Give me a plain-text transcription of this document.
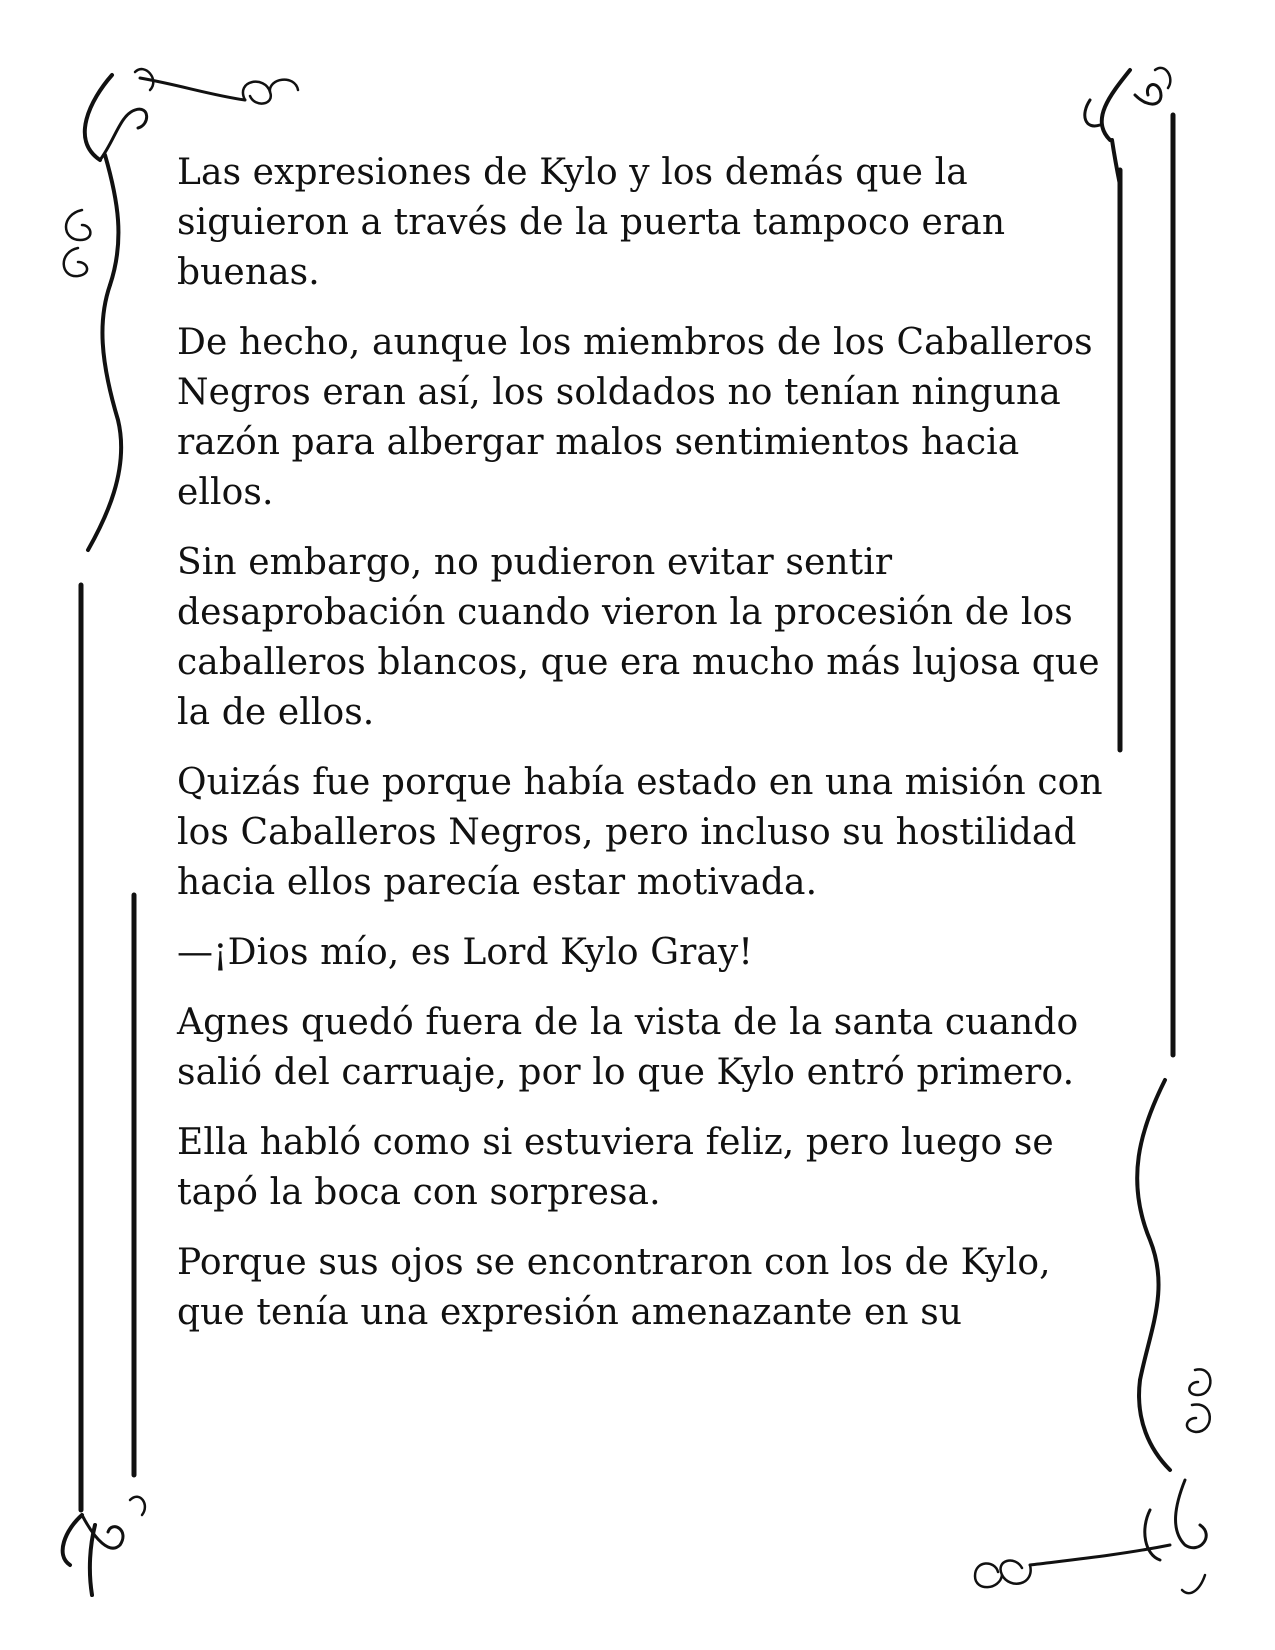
Las expresiones de Kylo y los demás que la siguieron a través de la puerta tampoco eran buenas.

De hecho, aunque los miembros de los Caballeros Negros eran así, los soldados no tenían ninguna razón para albergar malos sentimientos hacia ellos.

Sin embargo, no pudieron evitar sentir desaprobación cuando vieron la procesión de los caballeros blancos, que era mucho más lujosa que la de ellos.

Quizás fue porque había estado en una misión con los Caballeros Negros, pero incluso su hostilidad hacia ellos parecía estar motivada.

—¡Dios mío, es Lord Kylo Gray!

Agnes quedó fuera de la vista de la santa cuando salió del carruaje, por lo que Kylo entró primero.

Ella habló como si estuviera feliz, pero luego se tapó la boca con sorpresa.

Porque sus ojos se encontraron con los de Kylo, que tenía una expresión amenazante en su
